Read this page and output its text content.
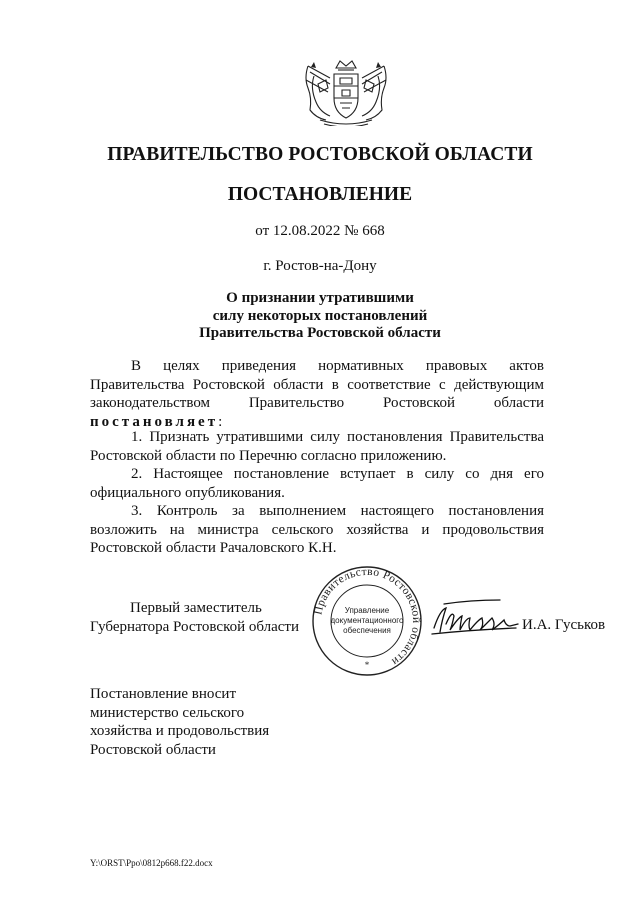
ПРАВИТЕЛЬСТВО РОСТОВСКОЙ ОБЛАСТИ
ПОСТАНОВЛЕНИЕ
от 12.08.2022 № 668
г. Ростов-на-Дону
О признании утратившими
силу некоторых постановлений
Правительства Ростовской области

В целях приведения нормативных правовых актов Правительства Ростовской области в соответствие с действующим законодательством Правительство Ростовской области постановляет:

1. Признать утратившими силу постановления Правительства Ростовской области по Перечню согласно приложению.

2. Настоящее постановление вступает в силу со дня его официального опубликования.

3. Контроль за выполнением настоящего постановления возложить на министра сельского хозяйства и продовольствия Ростовской области Рачаловского К.Н.

Первый заместитель
Губернатора Ростовской области
Правительство Ростовской области
Управление
документационного
обеспечения
*
И.А. Гуськов
Постановление вносит
министерство сельского
хозяйства и продовольствия
Ростовской области
Y:\ORST\Ppo\0812p668.f22.docx
